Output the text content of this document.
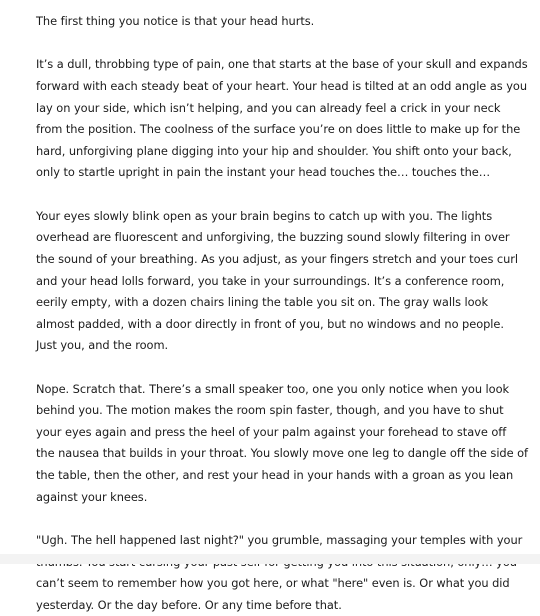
The first thing you notice is that your head hurts.

It’s a dull, throbbing type of pain, one that starts at the base of your skull and expands forward with each steady beat of your heart. Your head is tilted at an odd angle as you lay on your side, which isn’t helping, and you can already feel a crick in your neck from the position. The coolness of the surface you’re on does little to make up for the hard, unforgiving plane digging into your hip and shoulder. You shift onto your back, only to startle upright in pain the instant your head touches the… touches the…

Your eyes slowly blink open as your brain begins to catch up with you. The lights overhead are fluorescent and unforgiving, the buzzing sound slowly filtering in over the sound of your breathing. As you adjust, as your fingers stretch and your toes curl and your head lolls forward, you take in your surroundings. It’s a conference room, eerily empty, with a dozen chairs lining the table you sit on. The gray walls look almost padded, with a door directly in front of you, but no windows and no people. Just you, and the room.

Nope. Scratch that. There’s a small speaker too, one you only notice when you look behind you. The motion makes the room spin faster, though, and you have to shut your eyes again and press the heel of your palm against your forehead to stave off the nausea that builds in your throat. You slowly move one leg to dangle off the side of the table, then the other, and rest your head in your hands with a groan as you lean against your knees.

"Ugh. The hell happened last night?" you grumble, massaging your temples with your can’t seem to remember how you got here, or what "here" even is. Or what you did yesterday. Or the day before. Or any time before that.
